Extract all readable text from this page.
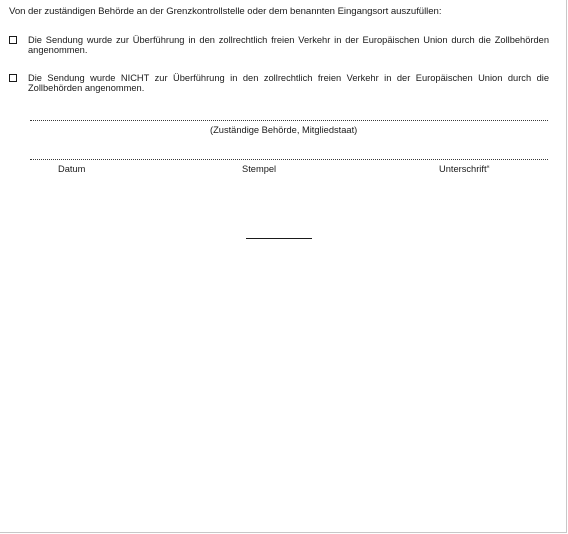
Von der zuständigen Behörde an der Grenzkontrollstelle oder dem benannten Eingangsort auszufüllen:
Die Sendung wurde zur Überführung in den zollrechtlich freien Verkehr in der Europäischen Union durch die Zollbehörden angenommen.
Die Sendung wurde NICHT zur Überführung in den zollrechtlich freien Verkehr in der Europäischen Union durch die Zollbehörden angenommen.
(Zuständige Behörde, Mitgliedstaat)
Datum	Stempel	Unterschrift“
